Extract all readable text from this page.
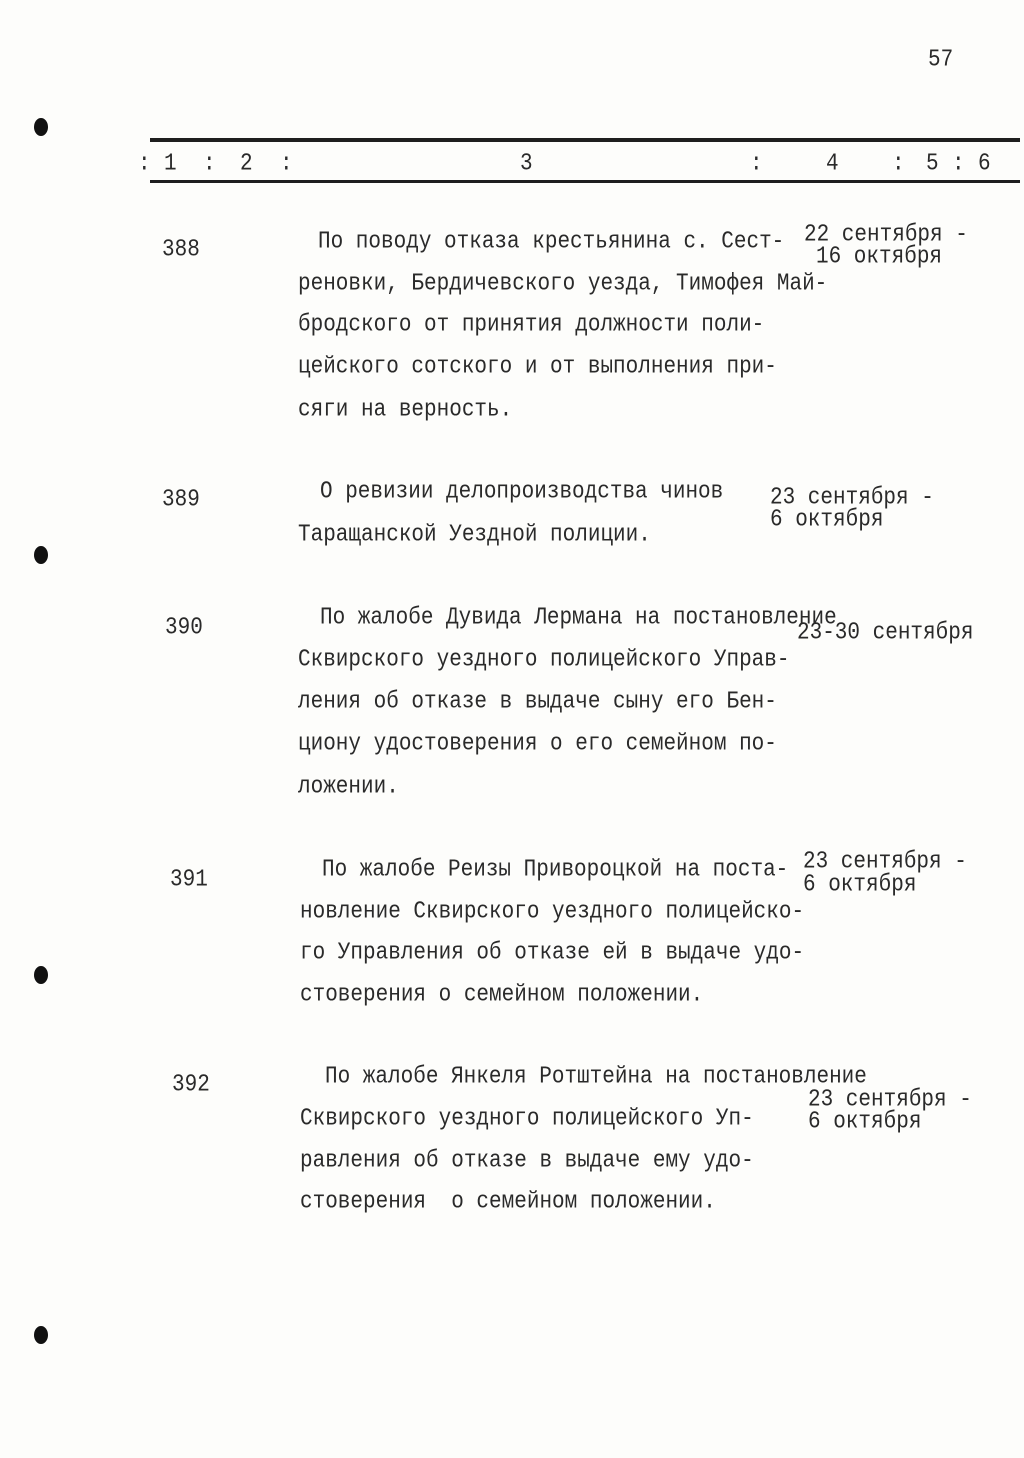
57
: 1 : 2 :	3	:	4	: 5 : 6
388	По поводу отказа крестьянина с. Сест-
реновки, Бердичевского уезда, Тимофея Май-
бродского от принятия должности поли-
цейского сотского и от выполнения при-
сяги на верность.
22 сентября -
16 октября
389	О ревизии делопроизводства чинов
Таращанской Уездной полиции.
23 сентября -
6 октября
390	По жалобе Дувида Лермана на постановление
Сквирского уездного полицейского Управ-
ления об отказе в выдаче сыну его Бен-
циону удостоверения о его семейном по-
ложении.
23-30 сентября
391	По жалобе Реизы Привороцкой на поста-
новление Сквирского уездного полицейско-
го Управления об отказе ей в выдаче удо-
стоверения о семейном положении.
23 сентября -
6 октября
392	По жалобе Янкеля Ротштейна на постановление
Сквирского уездного полицейского Уп-
равления об отказе в выдаче ему удо-
стоверения  о семейном положении.
23 сентября -
6 октября
